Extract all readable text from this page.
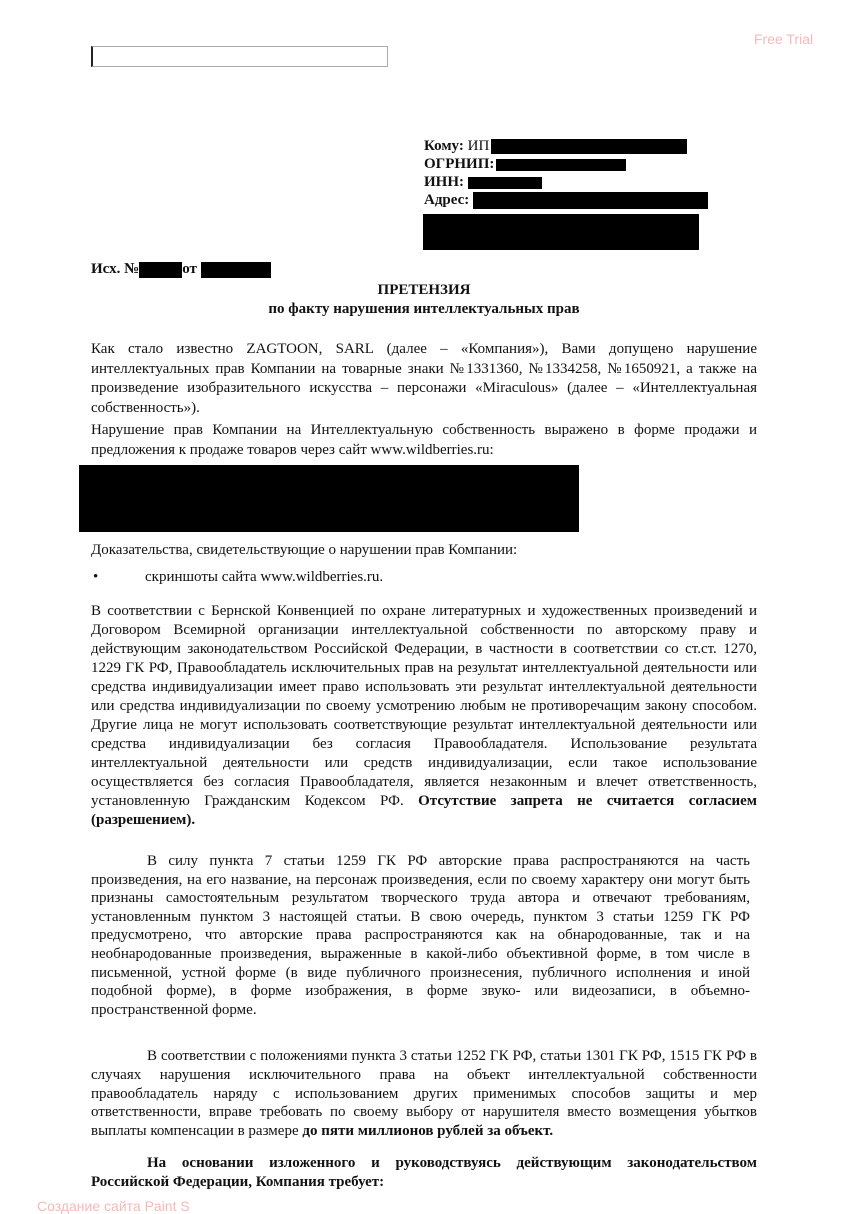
Free Trial
Кому: ИП
ОГРНИП:
ИНН:
Адрес:
Исх. №	от
ПРЕТЕНЗИЯ
по факту нарушения интеллектуальных прав
Как стало известно ZAGTOON, SARL (далее – «Компания»), Вами допущено нарушение интеллектуальных прав Компании на товарные знаки №1331360, №1334258, №1650921, а также на произведение изобразительного искусства – персонажи «Miraculous» (далее – «Интеллектуальная собственность»).
Нарушение прав Компании на Интеллектуальную собственность выражено в форме продажи и предложения к продаже товаров через сайт www.wildberries.ru:
Доказательства, свидетельствующие о нарушении прав Компании:
•	скриншоты сайта www.wildberries.ru.

В соответствии с Бернской Конвенцией по охране литературных и художественных произведений и Договором Всемирной организации интеллектуальной собственности по авторскому праву и действующим законодательством Российской Федерации, в частности в соответствии со ст.ст. 1270, 1229 ГК РФ, Правообладатель исключительных прав на результат интеллектуальной деятельности или средства индивидуализации имеет право использовать эти результат интеллектуальной деятельности или средства индивидуализации по своему усмотрению любым не противоречащим закону способом. Другие лица не могут использовать соответствующие результат интеллектуальной деятельности или средства индивидуализации без согласия Правообладателя. Использование результата интеллектуальной деятельности или средств индивидуализации, если такое использование осуществляется без согласия Правообладателя, является незаконным и влечет ответственность, установленную Гражданским Кодексом РФ. Отсутствие запрета не считается согласием (разрешением).

В силу пункта 7 статьи 1259 ГК РФ авторские права распространяются на часть произведения, на его название, на персонаж произведения, если по своему характеру они могут быть признаны самостоятельным результатом творческого труда автора и отвечают требованиям, установленным пунктом 3 настоящей статьи. В свою очередь, пунктом 3 статьи 1259 ГК РФ предусмотрено, что авторские права распространяются как на обнародованные, так и на необнародованные произведения, выраженные в какой-либо объективной форме, в том числе в письменной, устной форме (в виде публичного произнесения, публичного исполнения и иной подобной форме), в форме изображения, в форме звуко- или видеозаписи, в объемно-пространственной форме.

В соответствии с положениями пункта 3 статьи 1252 ГК РФ, статьи 1301 ГК РФ, 1515 ГК РФ в случаях нарушения исключительного права на объект интеллектуальной собственности правообладатель наряду с использованием других применимых способов защиты и мер ответственности, вправе требовать по своему выбору от нарушителя вместо возмещения убытков выплаты компенсации в размере до пяти миллионов рублей за объект.

На основании изложенного и руководствуясь действующим законодательством Российской Федерации, Компания требует:

Создание сайта Paint S
